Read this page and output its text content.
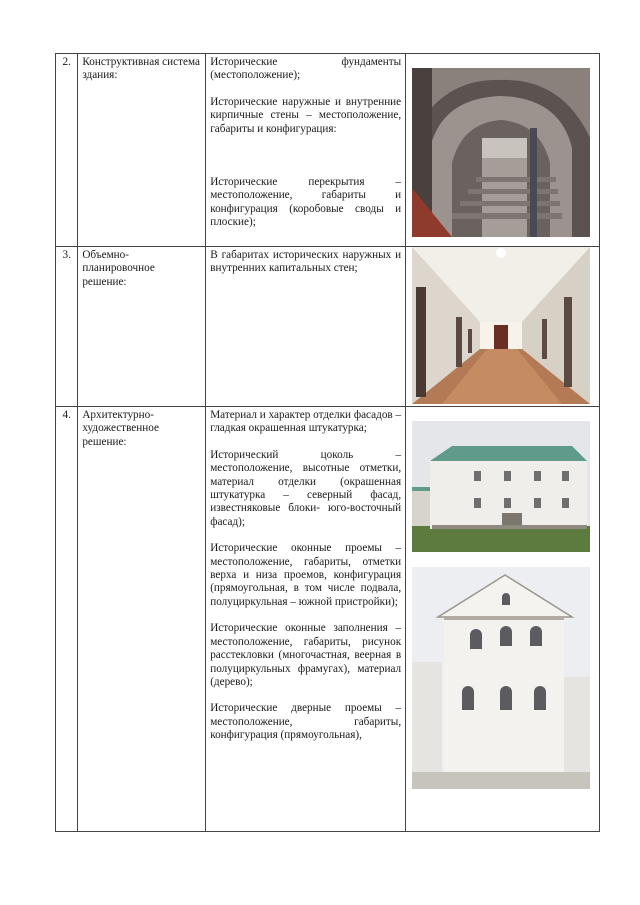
2.	Конструктивная система здания:	Исторические фундаменты (местоположение);

Исторические наружные и внутренние кирпичные стены – местоположение, габариты и конфигурация:

Исторические перекрытия – местоположение, габариты и конфигурация (коробовые своды и плоские);

3.	Объемно-планировочное решение:	В габаритах исторических наружных и внутренних капитальных стен;

4.	Архитектурно-художественное решение:	Материал и характер отделки фасадов – гладкая окрашенная штукатурка;

Исторический цоколь – местоположение, высотные отметки, материал отделки (окрашенная штукатурка – северный фасад, известняковые блоки- юго-восточный фасад);

Исторические оконные проемы – местоположение, габариты, отметки верха и низа проемов, конфигурация (прямоугольная, в том числе подвала, полуциркульная – южной пристройки);

Исторические оконные заполнения – местоположение, габариты, рисунок расстекловки (многочастная, веерная в полуциркульных фрамугах), материал (дерево);

Исторические дверные проемы – местоположение, габариты, конфигурация (прямоугольная),
